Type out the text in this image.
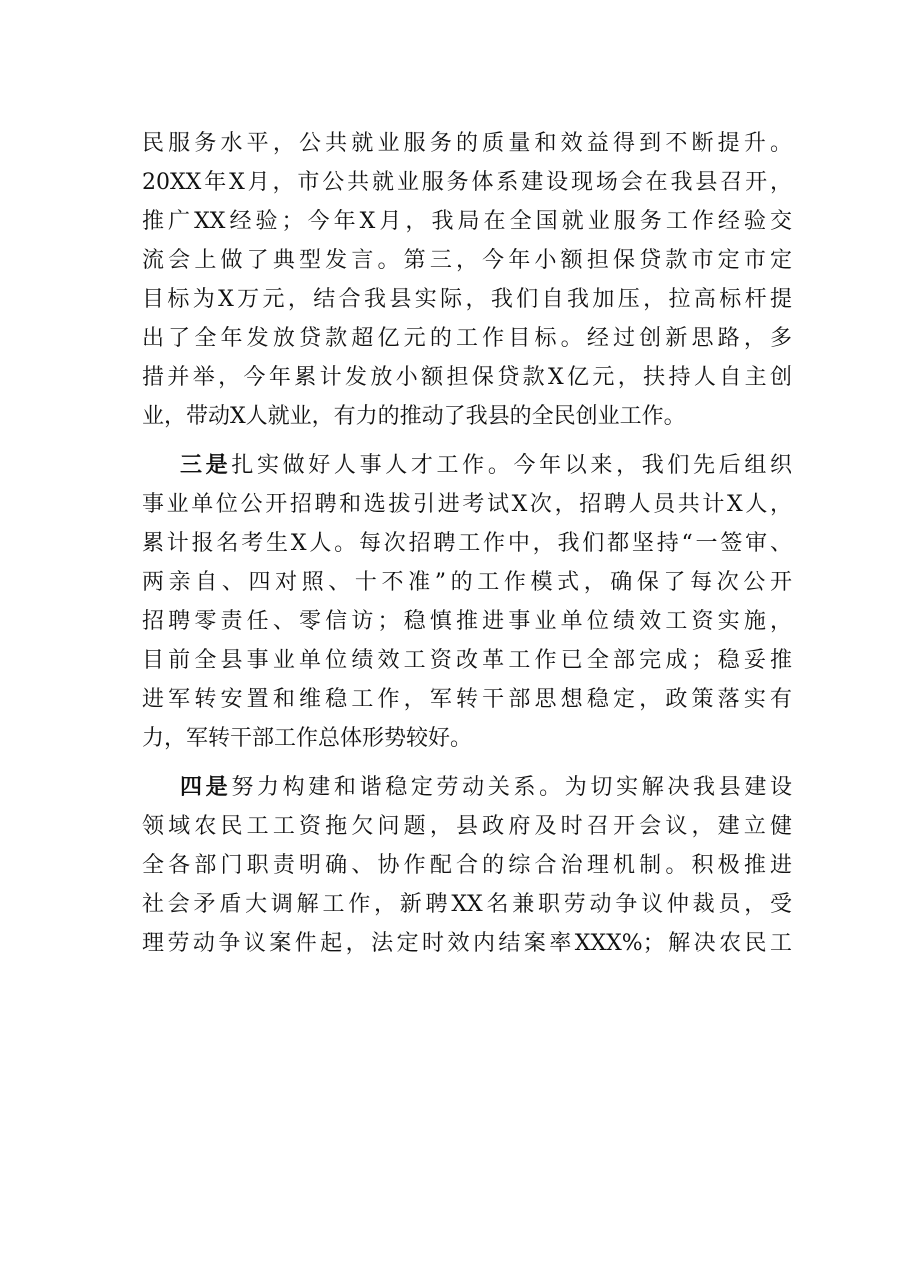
民服务水平，公共就业服务的质量和效益得到不断提升。
20XX年X月，市公共就业服务体系建设现场会在我县召开，
推广XX经验；今年X月，我局在全国就业服务工作经验交
流会上做了典型发言。第三，今年小额担保贷款市定市定
目标为X万元，结合我县实际，我们自我加压，拉高标杆提
出了全年发放贷款超亿元的工作目标。经过创新思路，多
措并举，今年累计发放小额担保贷款X亿元，扶持人自主创
业，带动X人就业，有力的推动了我县的全民创业工作。
三是扎实做好人事人才工作。今年以来，我们先后组织
事业单位公开招聘和选拔引进考试X次，招聘人员共计X人，
累计报名考生X人。每次招聘工作中，我们都坚持“一签审、
两亲自、四对照、十不准”的工作模式，确保了每次公开
招聘零责任、零信访；稳慎推进事业单位绩效工资实施，
目前全县事业单位绩效工资改革工作已全部完成；稳妥推
进军转安置和维稳工作，军转干部思想稳定，政策落实有
力，军转干部工作总体形势较好。
四是努力构建和谐稳定劳动关系。为切实解决我县建设
领域农民工工资拖欠问题，县政府及时召开会议，建立健
全各部门职责明确、协作配合的综合治理机制。积极推进
社会矛盾大调解工作，新聘XX名兼职劳动争议仲裁员，受
理劳动争议案件起，法定时效内结案率XXX%；解决农民工
